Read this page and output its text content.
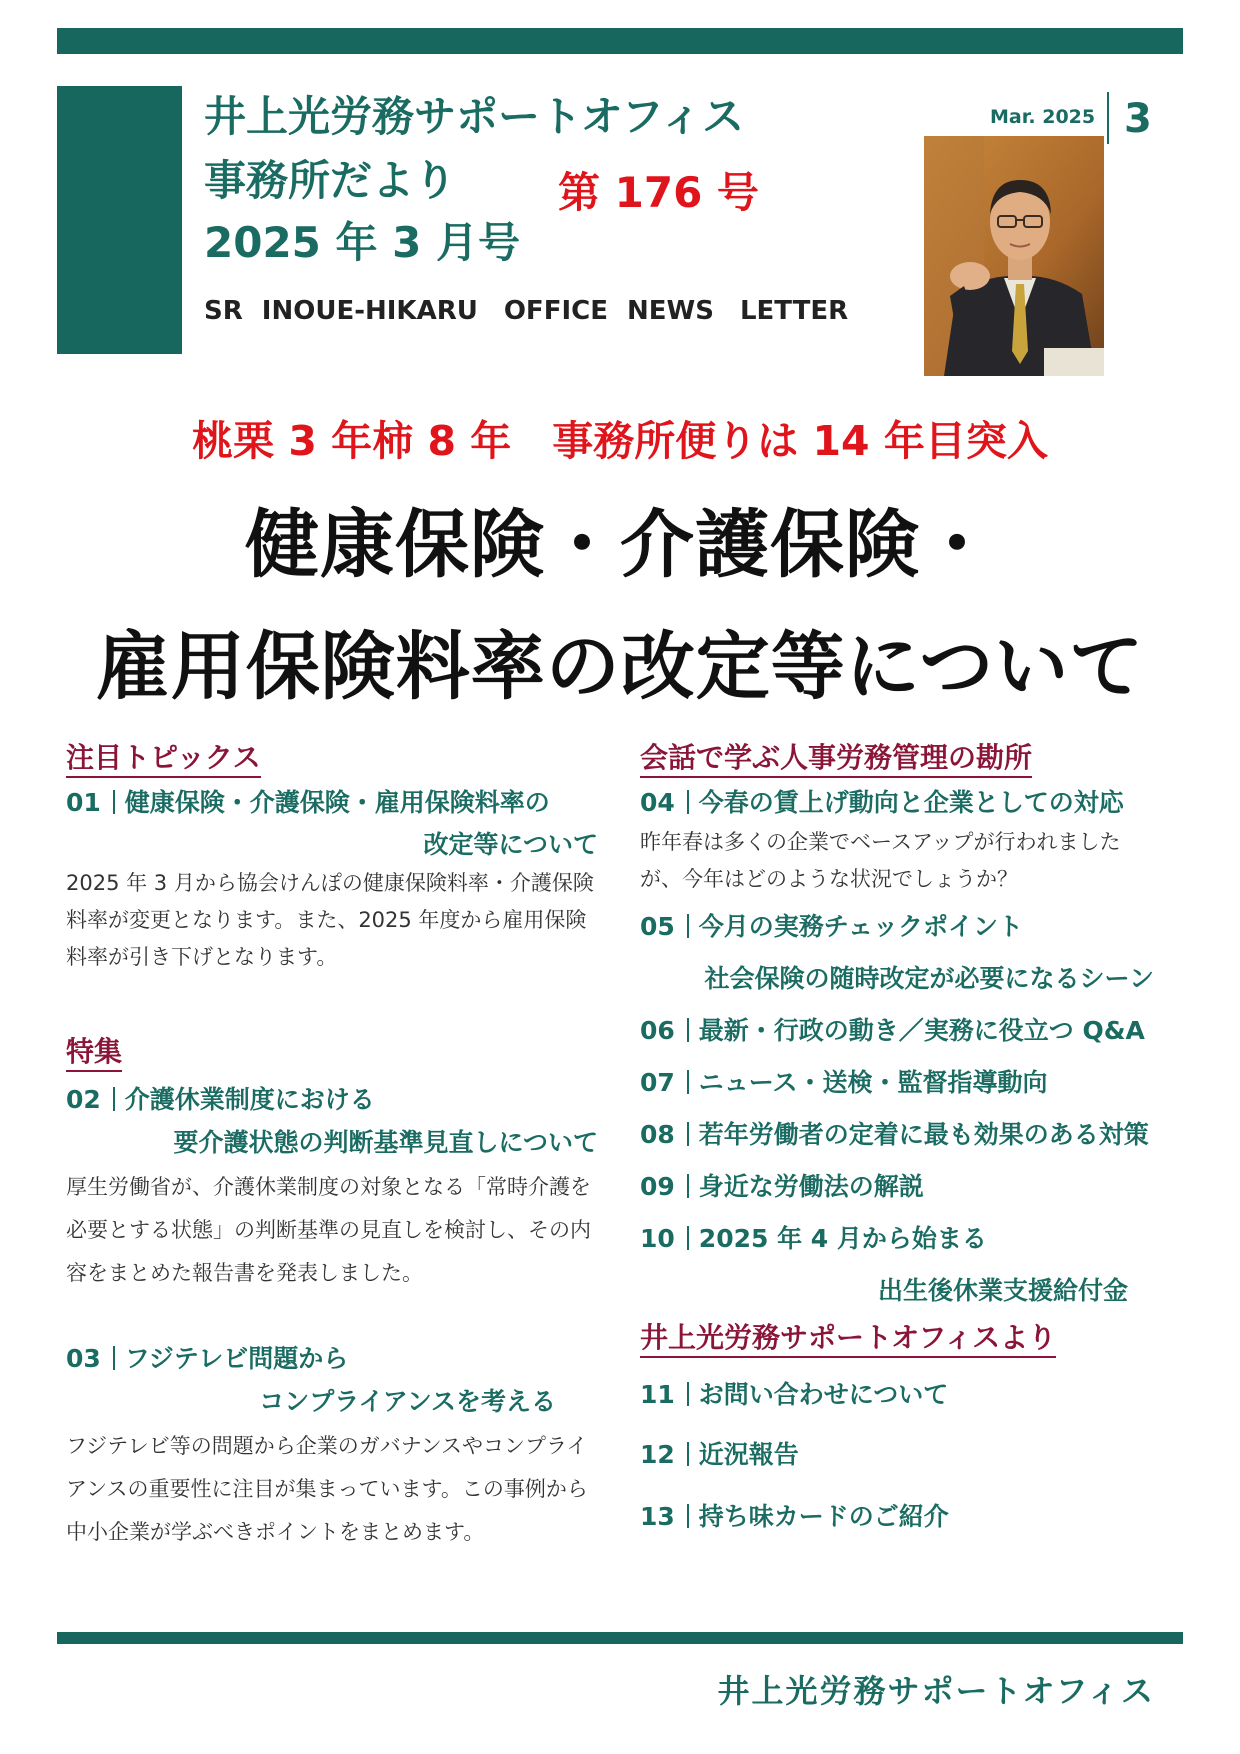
井上光労務サポートオフィス
事務所だより 第 176 号
2025 年 3 月号
SR INOUE-HIKARU　OFFICE NEWS　LETTER
Mar. 2025 3
桃栗 3 年柿 8 年　事務所便りは 14 年目突入
健康保険・介護保険・
雇用保険料率の改定等について
注目トピックス
01 健康保険・介護保険・雇用保険料率の
改定等について
2025 年 3 月から協会けんぽの健康保険料率・介護保険料率が変更となります。また、2025 年度から雇用保険料率が引き下げとなります。
特集
02 介護休業制度における
要介護状態の判断基準見直しについて
厚生労働省が、介護休業制度の対象となる「常時介護を必要とする状態」の判断基準の見直しを検討し、その内容をまとめた報告書を発表しました。
03 フジテレビ問題から
コンプライアンスを考える
フジテレビ等の問題から企業のガバナンスやコンプライアンスの重要性に注目が集まっています。この事例から中小企業が学ぶべきポイントをまとめます。
会話で学ぶ人事労務管理の勘所
04 今春の賃上げ動向と企業としての対応
昨年春は多くの企業でベースアップが行われましたが、今年はどのような状況でしょうか？
05 今月の実務チェックポイント
社会保険の随時改定が必要になるシーン
06 最新・行政の動き／実務に役立つ Q&A
07 ニュース・送検・監督指導動向
08 若年労働者の定着に最も効果のある対策
09 身近な労働法の解説
10 2025 年 4 月から始まる
出生後休業支援給付金
井上光労務サポートオフィスより
11 お問い合わせについて
12 近況報告
13 持ち味カードのご紹介
井上光労務サポートオフィス
